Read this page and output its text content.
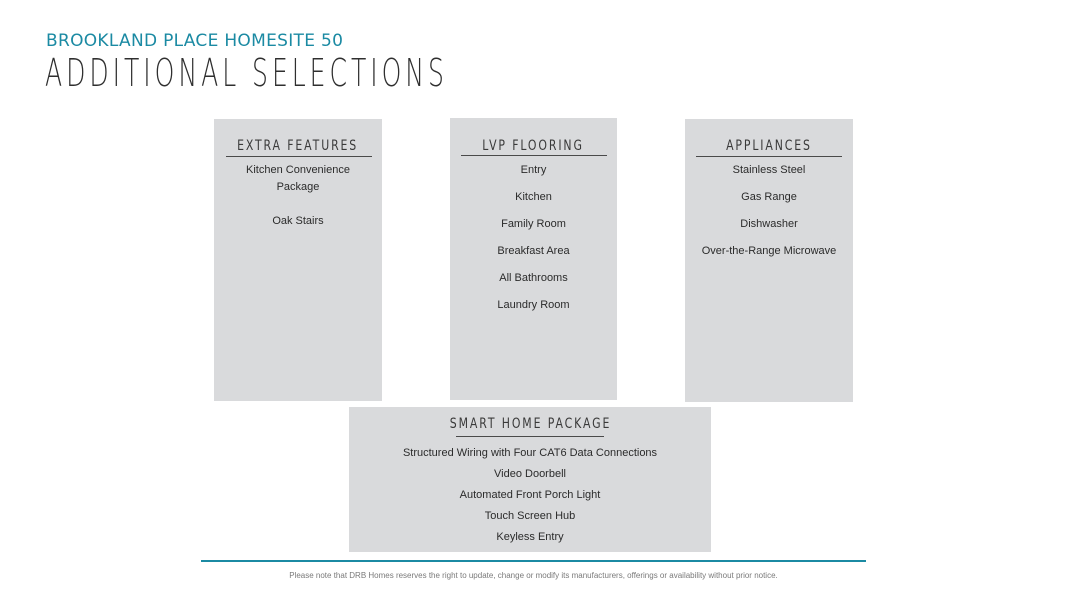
BROOKLAND PLACE HOMESITE 50
ADDITIONAL SELECTIONS
EXTRA FEATURES
Kitchen Convenience
Package
Oak Stairs
LVP FLOORING
Entry
Kitchen
Family Room
Breakfast Area
All Bathrooms
Laundry Room
APPLIANCES
Stainless Steel
Gas Range
Dishwasher
Over-the-Range Microwave
SMART HOME PACKAGE
Structured Wiring with Four CAT6 Data Connections
Video Doorbell
Automated Front Porch Light
Touch Screen Hub
Keyless Entry
Please note that DRB Homes reserves the right to update, change or modify its manufacturers, offerings or availability without prior notice.
